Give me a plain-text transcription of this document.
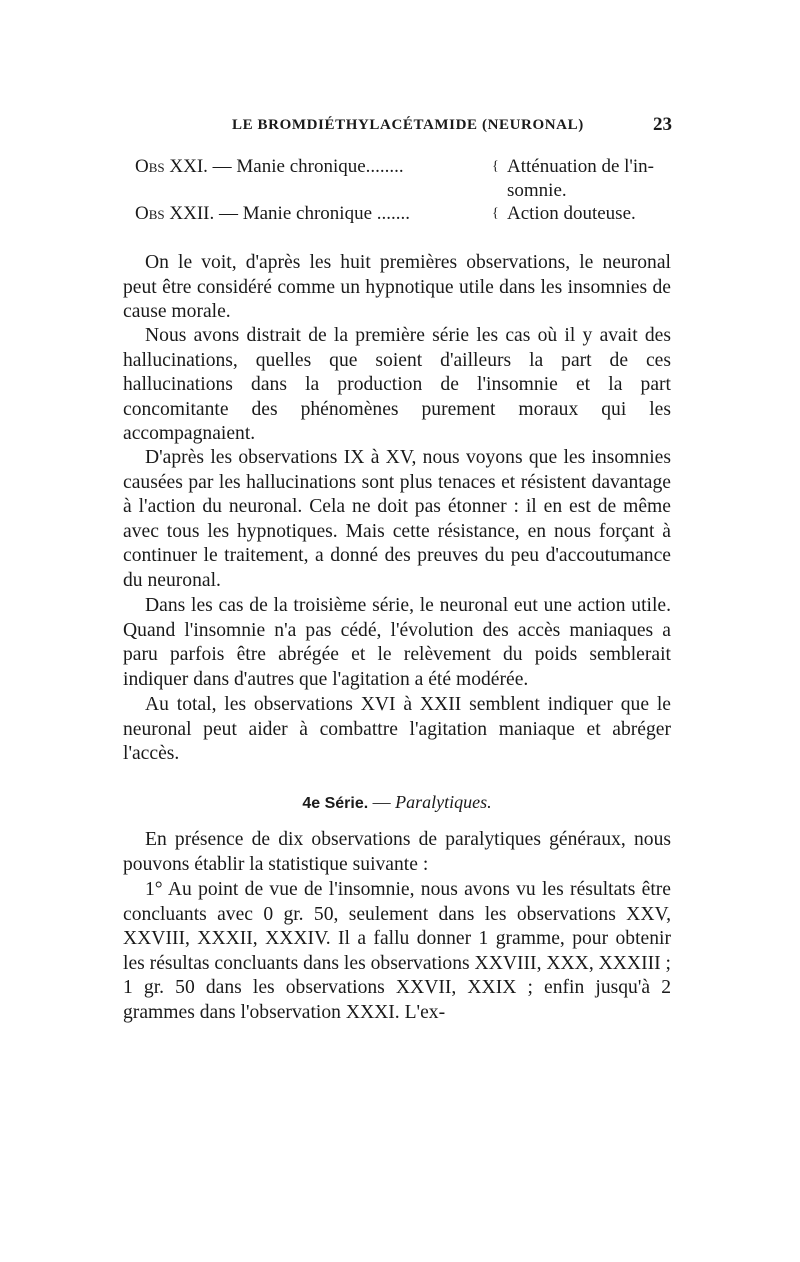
LE BROMDIÉTHYLACÉTAMIDE (NEURONAL)	23
Obs XXI. — Manie chronique........	{ Atténuation de l'in-
somnie.
Obs XXII. — Manie chronique .......	{ Action douteuse.

On le voit, d'après les huit premières observations, le neuronal peut être considéré comme un hypnotique utile dans les insomnies de cause morale.

Nous avons distrait de la première série les cas où il y avait des hallucinations, quelles que soient d'ailleurs la part de ces hallucinations dans la production de l'insomnie et la part concomitante des phénomènes purement moraux qui les accompagnaient.

D'après les observations IX à XV, nous voyons que les insomnies causées par les hallucinations sont plus tenaces et résistent davantage à l'action du neuronal. Cela ne doit pas étonner : il en est de même avec tous les hypnotiques. Mais cette résistance, en nous forçant à continuer le traitement, a donné des preuves du peu d'accoutumance du neuronal.

Dans les cas de la troisième série, le neuronal eut une action utile. Quand l'insomnie n'a pas cédé, l'évolution des accès maniaques a paru parfois être abrégée et le relèvement du poids semblerait indiquer dans d'autres que l'agitation a été modérée.

Au total, les observations XVI à XXII semblent indiquer que le neuronal peut aider à combattre l'agitation maniaque et abréger l'accès.

4e Série. — Paralytiques.

En présence de dix observations de paralytiques généraux, nous pouvons établir la statistique suivante :

1° Au point de vue de l'insomnie, nous avons vu les résultats être concluants avec 0 gr. 50, seulement dans les observations XXV, XXVIII, XXXII, XXXIV. Il a fallu donner 1 gramme, pour obtenir les résultas concluants dans les observations XXVIII, XXX, XXXIII ; 1 gr. 50 dans les observations XXVII, XXIX ; enfin jusqu'à 2 grammes dans l'observation XXXI. L'ex-
